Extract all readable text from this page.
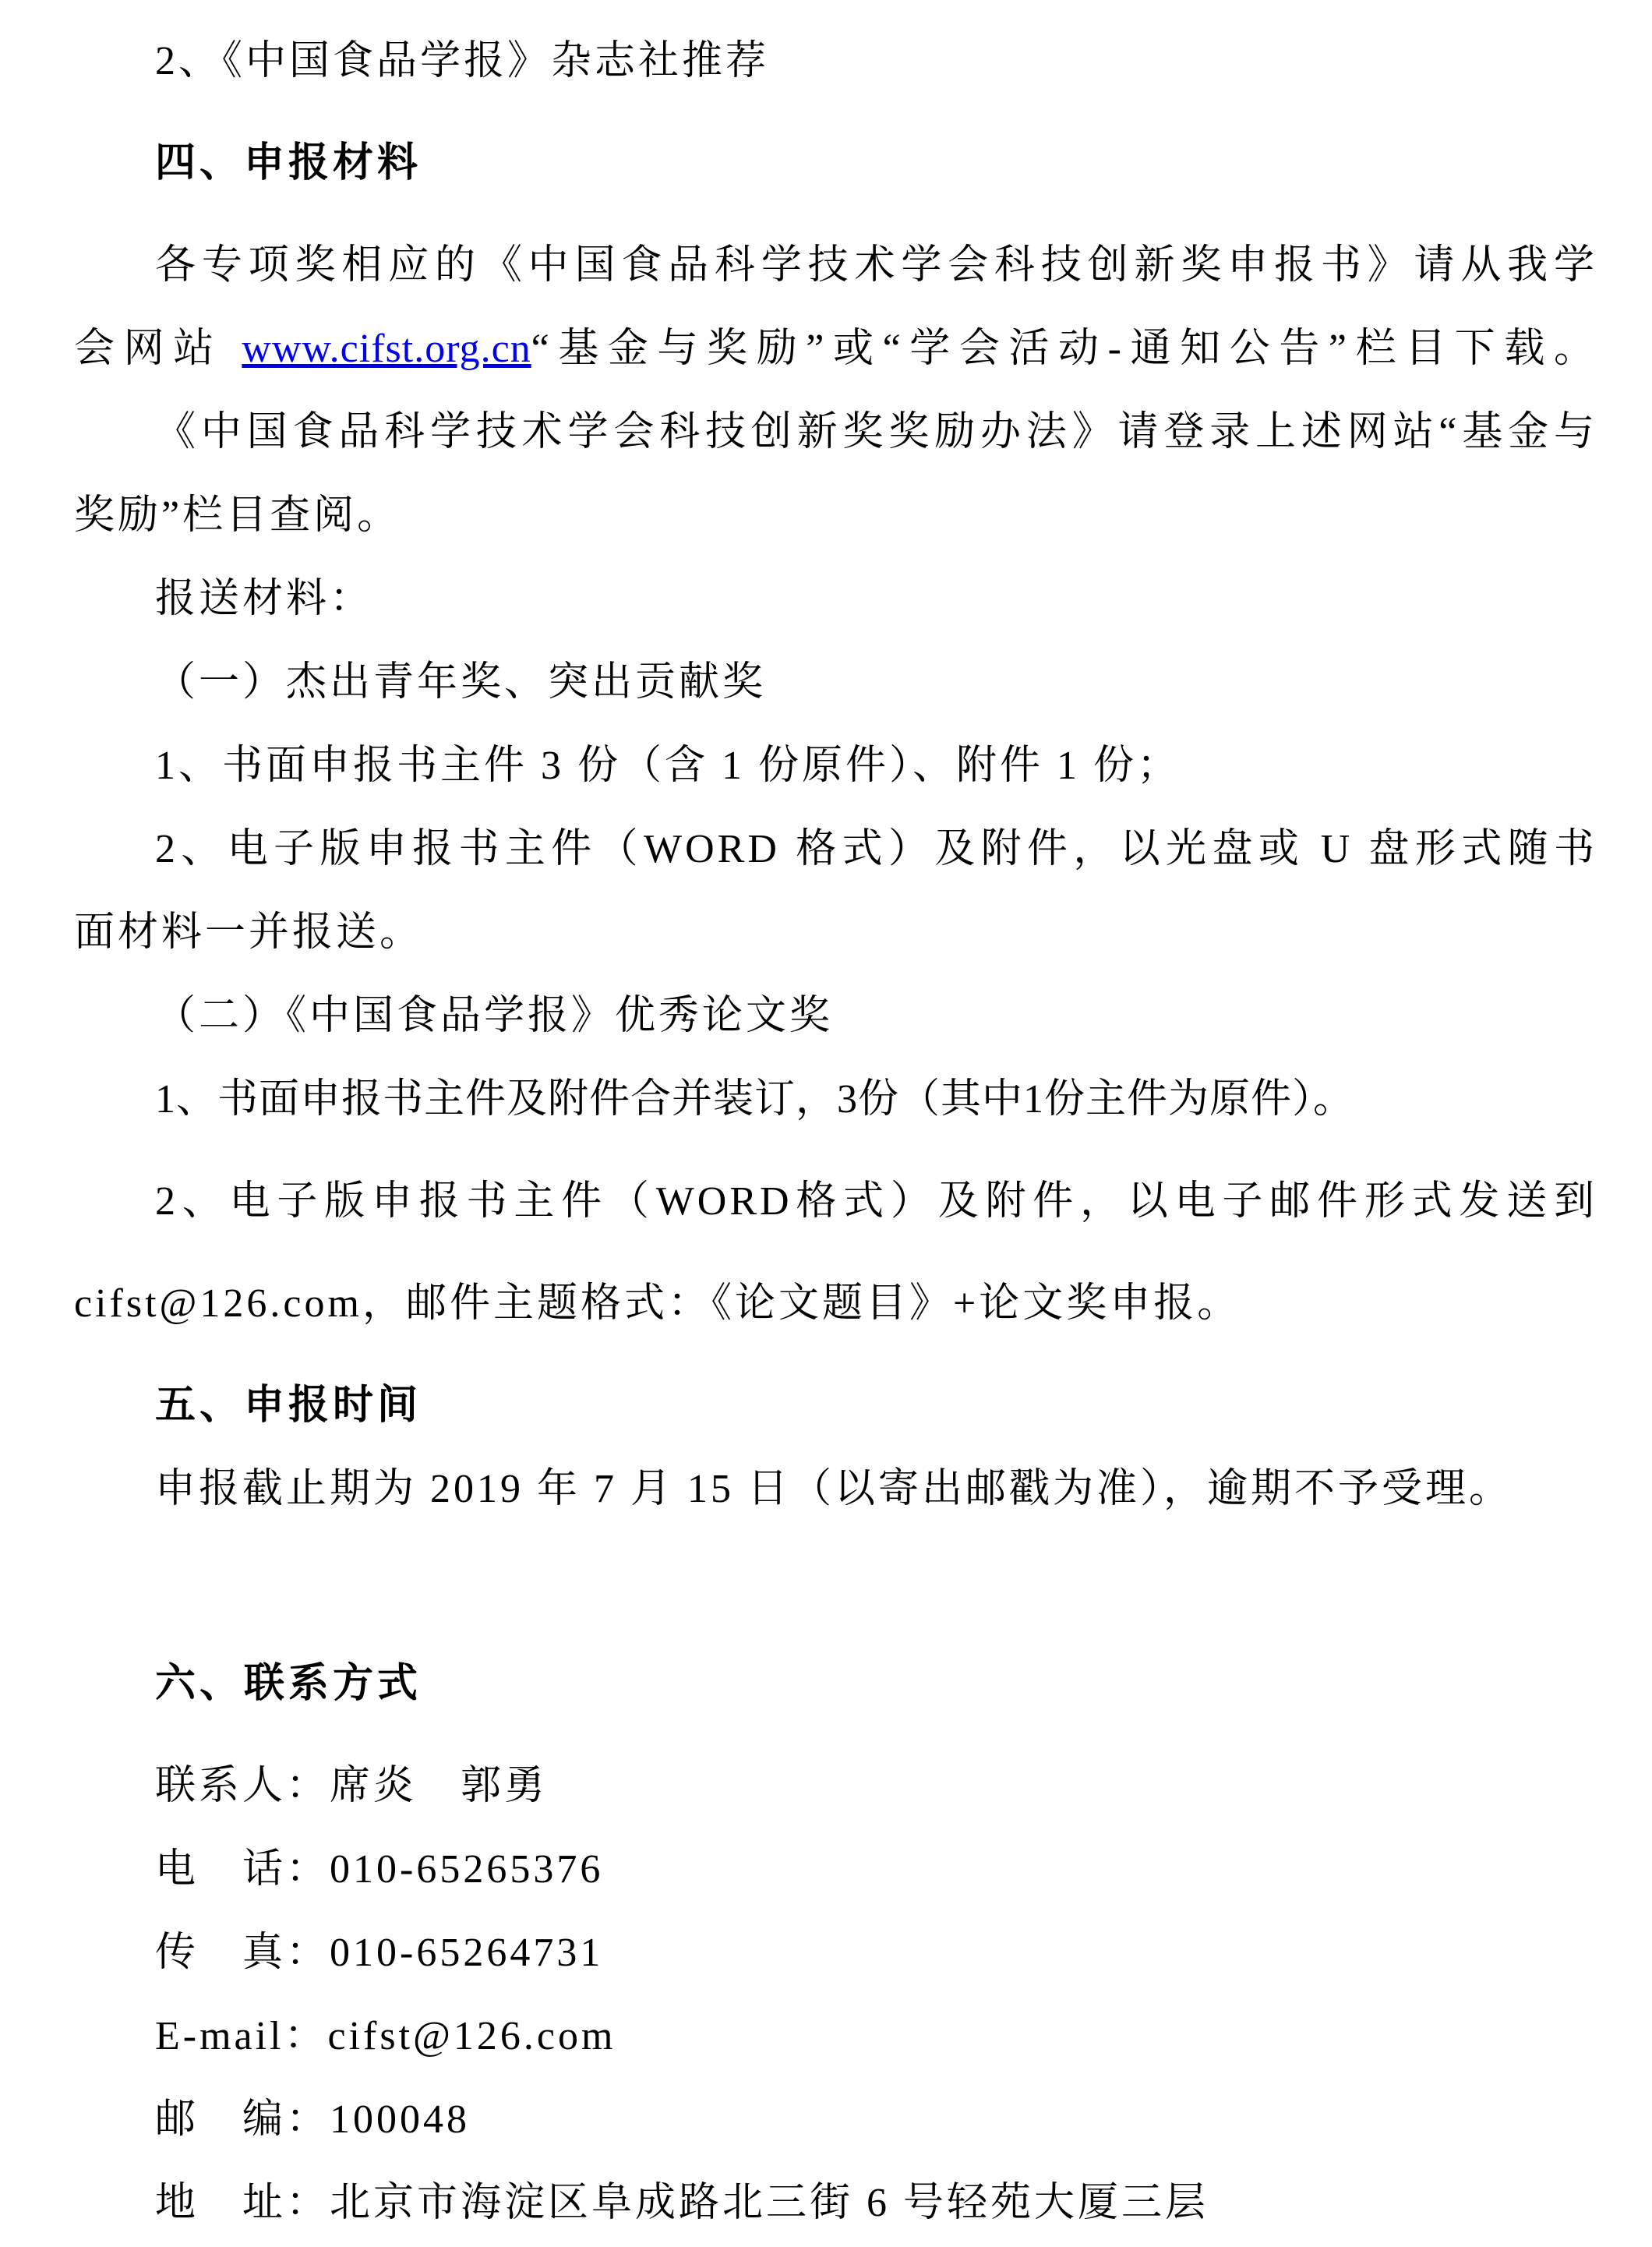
2、《中国食品学报》杂志社推荐
四、申报材料
各专项奖相应的《中国食品科学技术学会科技创新奖申报书》请从我学
会网站 www.cifst.org.cn“基金与奖励”或“学会活动-通知公告”栏目下载。
《中国食品科学技术学会科技创新奖奖励办法》请登录上述网站“基金与
奖励”栏目查阅。
报送材料：
（一）杰出青年奖、突出贡献奖
1、书面申报书主件 3 份（含 1 份原件）、附件 1 份；
2、电子版申报书主件（WORD 格式）及附件，以光盘或 U 盘形式随书
面材料一并报送。
（二）《中国食品学报》优秀论文奖
1、书面申报书主件及附件合并装订，3份（其中1份主件为原件）。
2、电子版申报书主件（WORD格式）及附件，以电子邮件形式发送到
cifst@126.com，邮件主题格式：《论文题目》+论文奖申报。
五、申报时间
申报截止期为 2019 年 7 月 15 日（以寄出邮戳为准），逾期不予受理。
六、联系方式
联系人：席炎　郭勇
电　话：010-65265376
传　真：010-65264731
E-mail：cifst@126.com
邮　编：100048
地　址：北京市海淀区阜成路北三街 6 号轻苑大厦三层
